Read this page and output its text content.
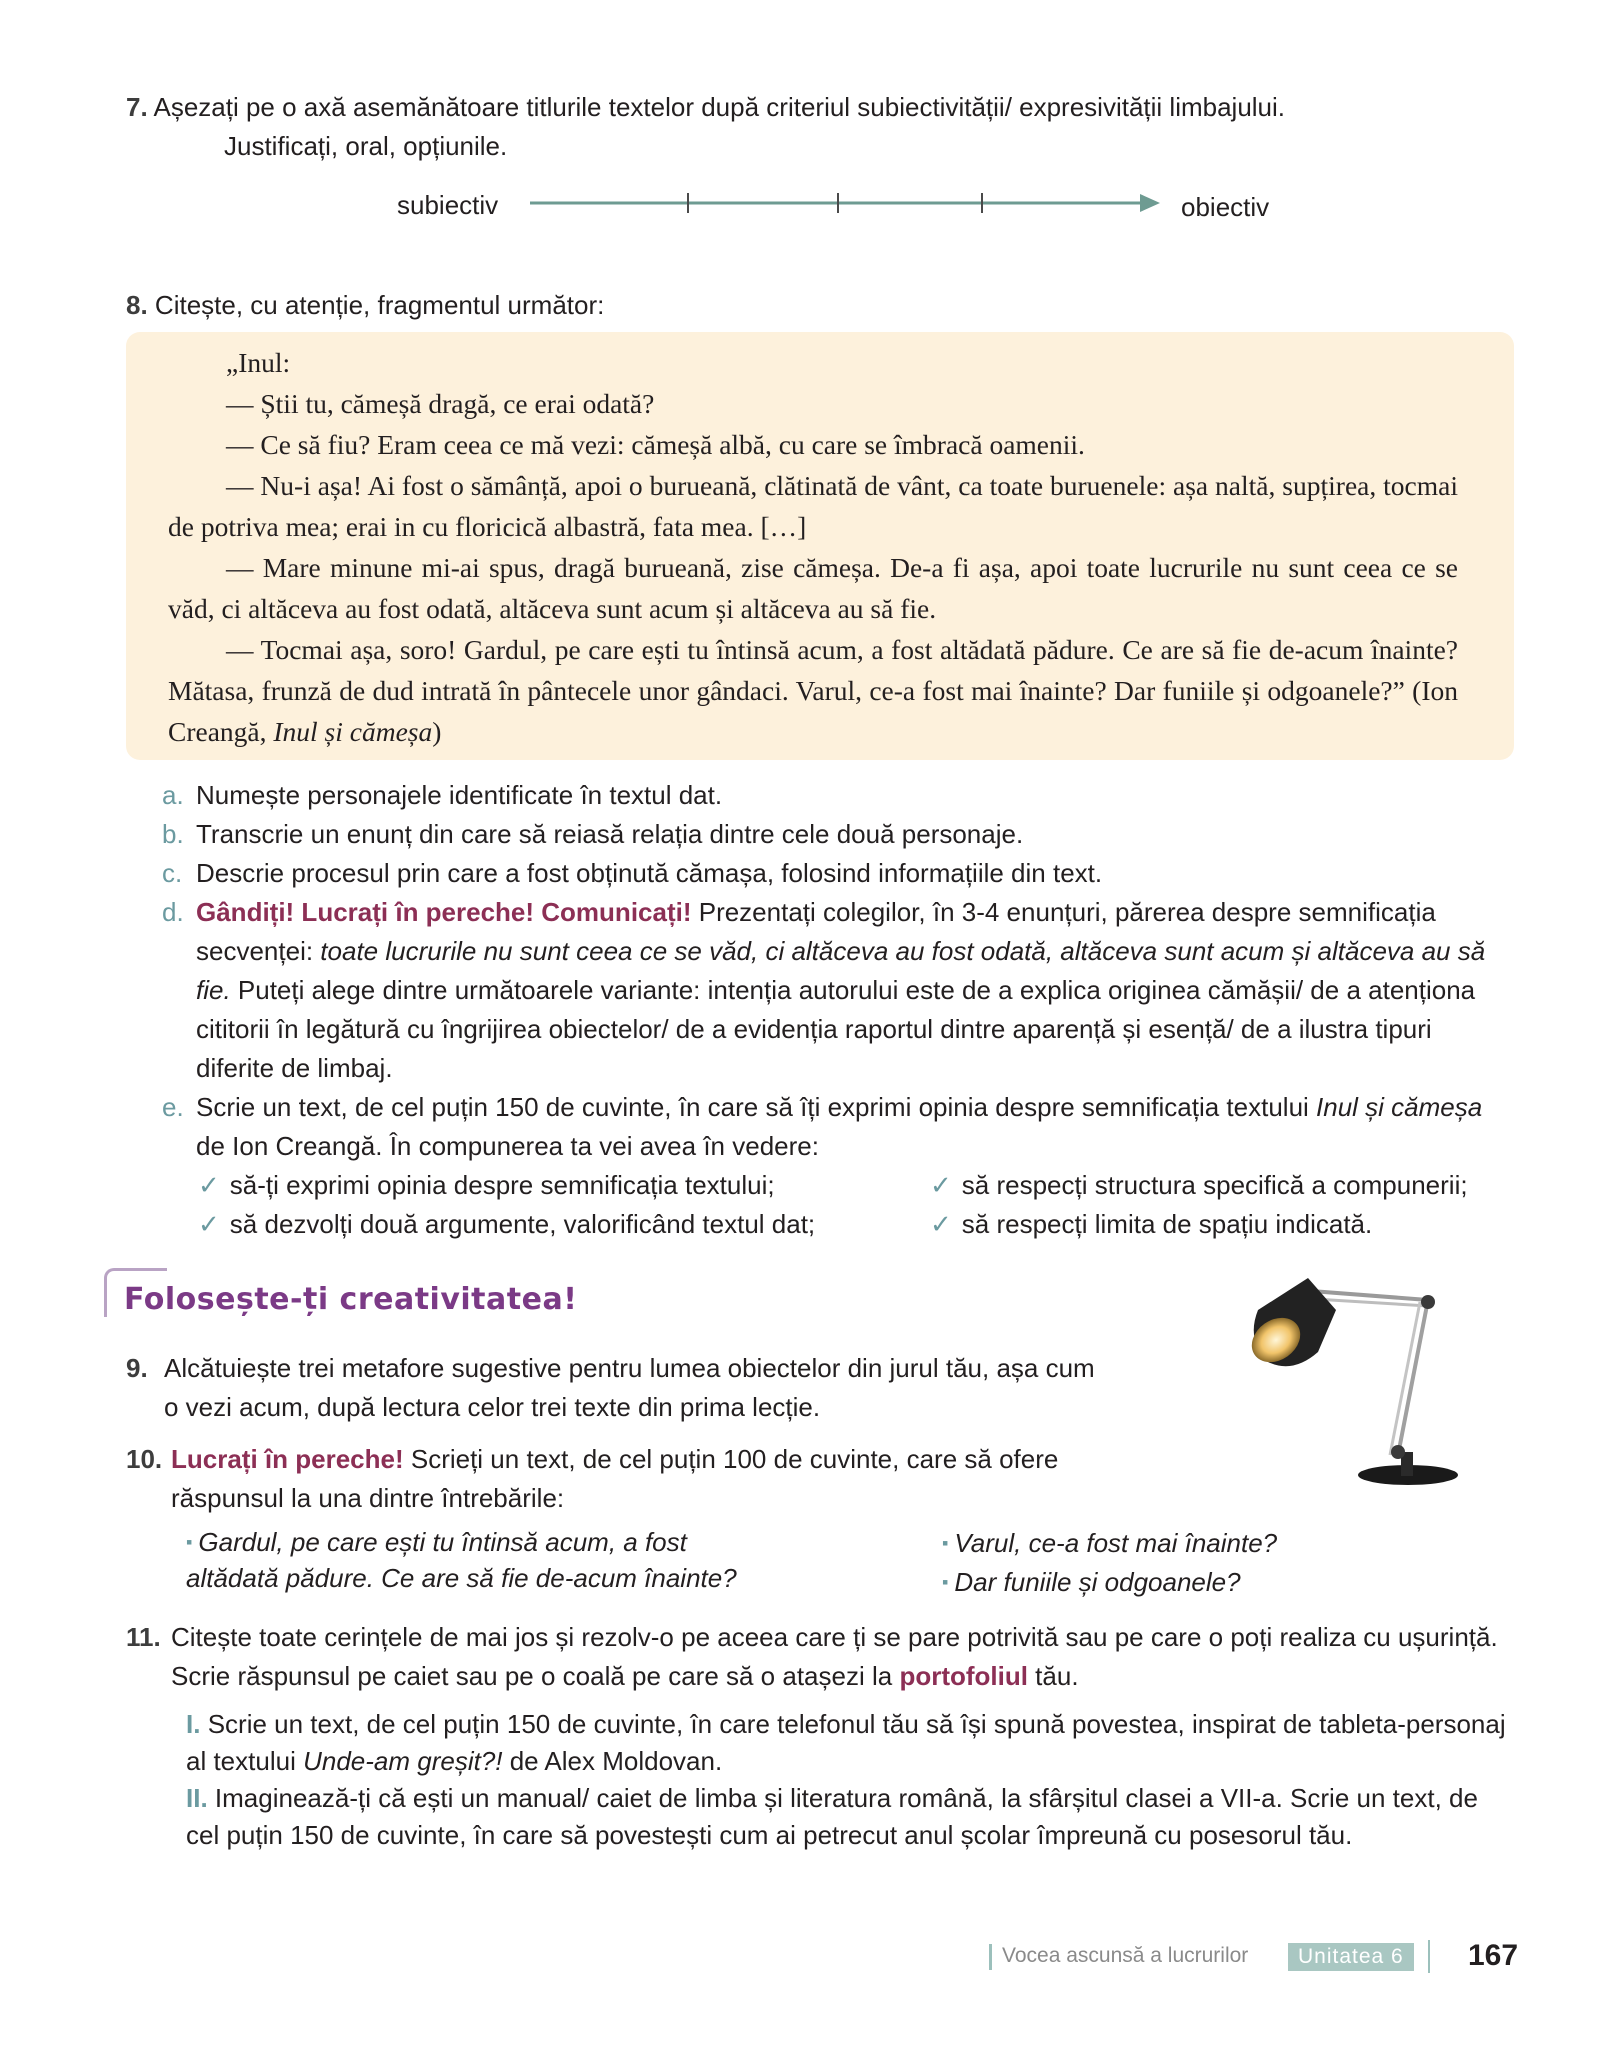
7. Așezați pe o axă asemănătoare titlurile textelor după criteriul subiectivității/ expresivității limbajului.
Justificați, oral, opțiunile.
subiectiv	obiectiv
8. Citește, cu atenție, fragmentul următor:

„Inul:

— Știi tu, cămeșă dragă, ce erai odată?

— Ce să fiu? Eram ceea ce mă vezi: cămeșă albă, cu care se îmbracă oamenii.

— Nu-i așa! Ai fost o sămânță, apoi o burueană, clătinată de vânt, ca toate buruenele: așa naltă, supțirea, tocmai de potriva mea; erai in cu floricică albastră, fata mea. […]

— Mare minune mi-ai spus, dragă burueană, zise cămeșa. De-a fi așa, apoi toate lucrurile nu sunt ceea ce se văd, ci altăceva au fost odată, altăceva sunt acum și altăceva au să fie.

— Tocmai așa, soro! Gardul, pe care ești tu întinsă acum, a fost altădată pădure. Ce are să fie de-acum înainte? Mătasa, frunză de dud intrată în pântecele unor gândaci. Varul, ce-a fost mai înainte? Dar funiile și odgoanele?” (Ion Creangă, Inul și cămeșa)

a. Numește personajele identificate în textul dat.
b. Transcrie un enunț din care să reiasă relația dintre cele două personaje.
c. Descrie procesul prin care a fost obținută cămașa, folosind informațiile din text.
d. Gândiți! Lucrați în pereche! Comunicați! Prezentați colegilor, în 3-4 enunțuri, părerea despre semnificația secvenței: toate lucrurile nu sunt ceea ce se văd, ci altăceva au fost odată, altăceva sunt acum și altăceva au să fie. Puteți alege dintre următoarele variante: intenția autorului este de a explica originea cămășii/ de a atenționa cititorii în legătură cu îngrijirea obiectelor/ de a evidenția raportul dintre aparență și esență/ de a ilustra tipuri diferite de limbaj.
e. Scrie un text, de cel puțin 150 de cuvinte, în care să îți exprimi opinia despre semnificația textului Inul și cămeșa de Ion Creangă. În compunerea ta vei avea în vedere:
✓ să-ți exprimi opinia despre semnificația textului;
✓ să dezvolți două argumente, valorificând textul dat;
✓ să respecți structura specifică a compunerii;
✓ să respecți limita de spațiu indicată.
Folosește-ți creativitatea!
9. Alcătuiește trei metafore sugestive pentru lumea obiectelor din jurul tău, așa cum o vezi acum, după lectura celor trei texte din prima lecție.
10. Lucrați în pereche! Scrieți un text, de cel puțin 100 de cuvinte, care să ofere răspunsul la una dintre întrebările:
▪ Gardul, pe care ești tu întinsă acum, a fost altădată pădure. Ce are să fie de-acum înainte?
▪ Varul, ce-a fost mai înainte?
▪ Dar funiile și odgoanele?
11. Citește toate cerințele de mai jos și rezolv-o pe aceea care ți se pare potrivită sau pe care o poți realiza cu ușurință. Scrie răspunsul pe caiet sau pe o coală pe care să o atașezi la portofoliul tău.
I. Scrie un text, de cel puțin 150 de cuvinte, în care telefonul tău să își spună povestea, inspirat de tableta-personaj al textului Unde-am greșit?! de Alex Moldovan.
II. Imaginează-ți că ești un manual/ caiet de limba și literatura română, la sfârșitul clasei a VII-a. Scrie un text, de cel puțin 150 de cuvinte, în care să povestești cum ai petrecut anul școlar împreună cu posesorul tău.
Vocea ascunsă a lucrurilor	Unitatea 6	167
